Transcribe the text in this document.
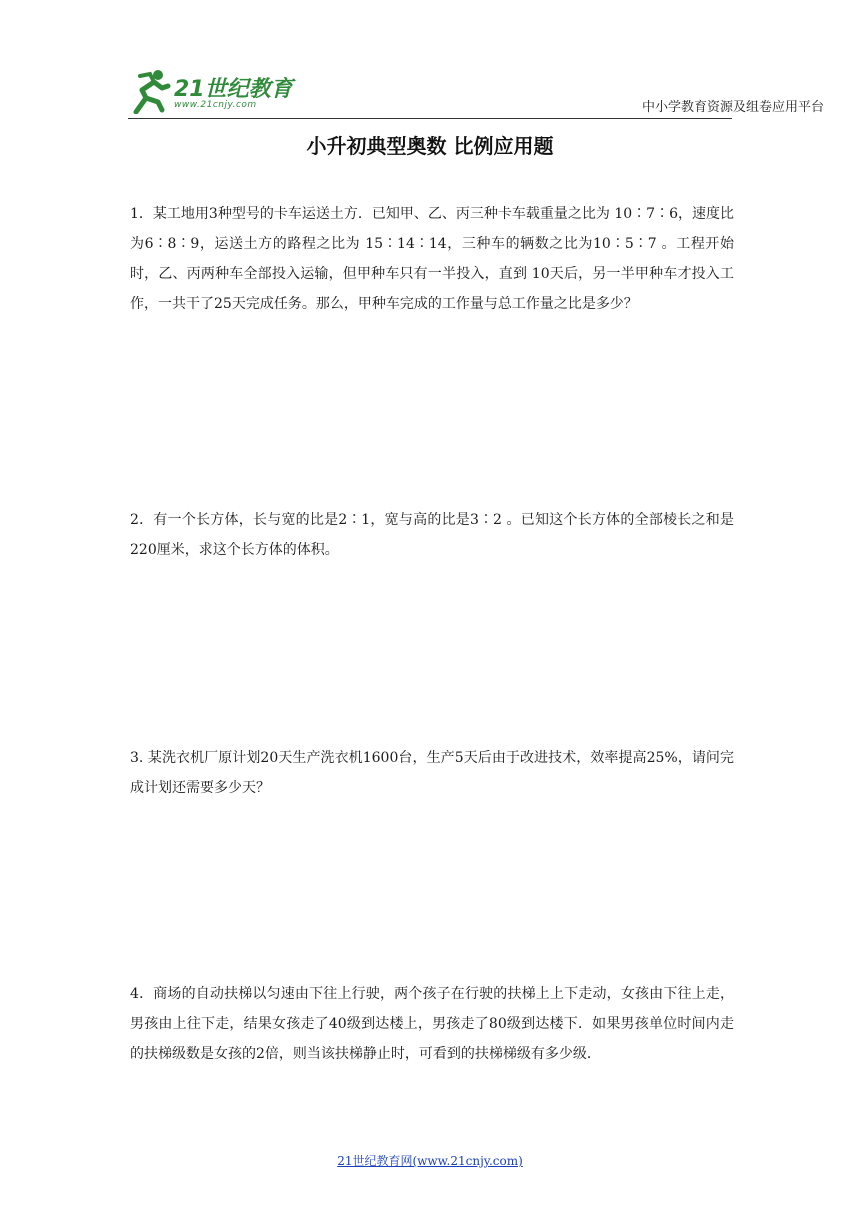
21世纪教育
www.21cnjy.com	中小学教育资源及组卷应用平台
小升初典型奥数 比例应用题
1．某工地用3种型号的卡车运送土方．已知甲、乙、丙三种卡车载重量之比为 10∶7∶6，速度比为6∶8∶9，运送土方的路程之比为 15∶14∶14，三种车的辆数之比为10∶5∶7 。工程开始时，乙、丙两种车全部投入运输，但甲种车只有一半投入，直到 10天后，另一半甲种车才投入工作，一共干了25天完成任务。那么，甲种车完成的工作量与总工作量之比是多少？
2．有一个长方体，长与宽的比是2∶1，宽与高的比是3∶2 。已知这个长方体的全部棱长之和是220厘米，求这个长方体的体积。
3. 某洗衣机厂原计划20天生产洗衣机1600台，生产5天后由于改进技术，效率提高25%，请问完成计划还需要多少天？
4．商场的自动扶梯以匀速由下往上行驶，两个孩子在行驶的扶梯上上下走动，女孩由下往上走，男孩由上往下走，结果女孩走了40级到达楼上，男孩走了80级到达楼下．如果男孩单位时间内走的扶梯级数是女孩的2倍，则当该扶梯静止时，可看到的扶梯梯级有多少级．
21世纪教育网(www.21cnjy.com)
